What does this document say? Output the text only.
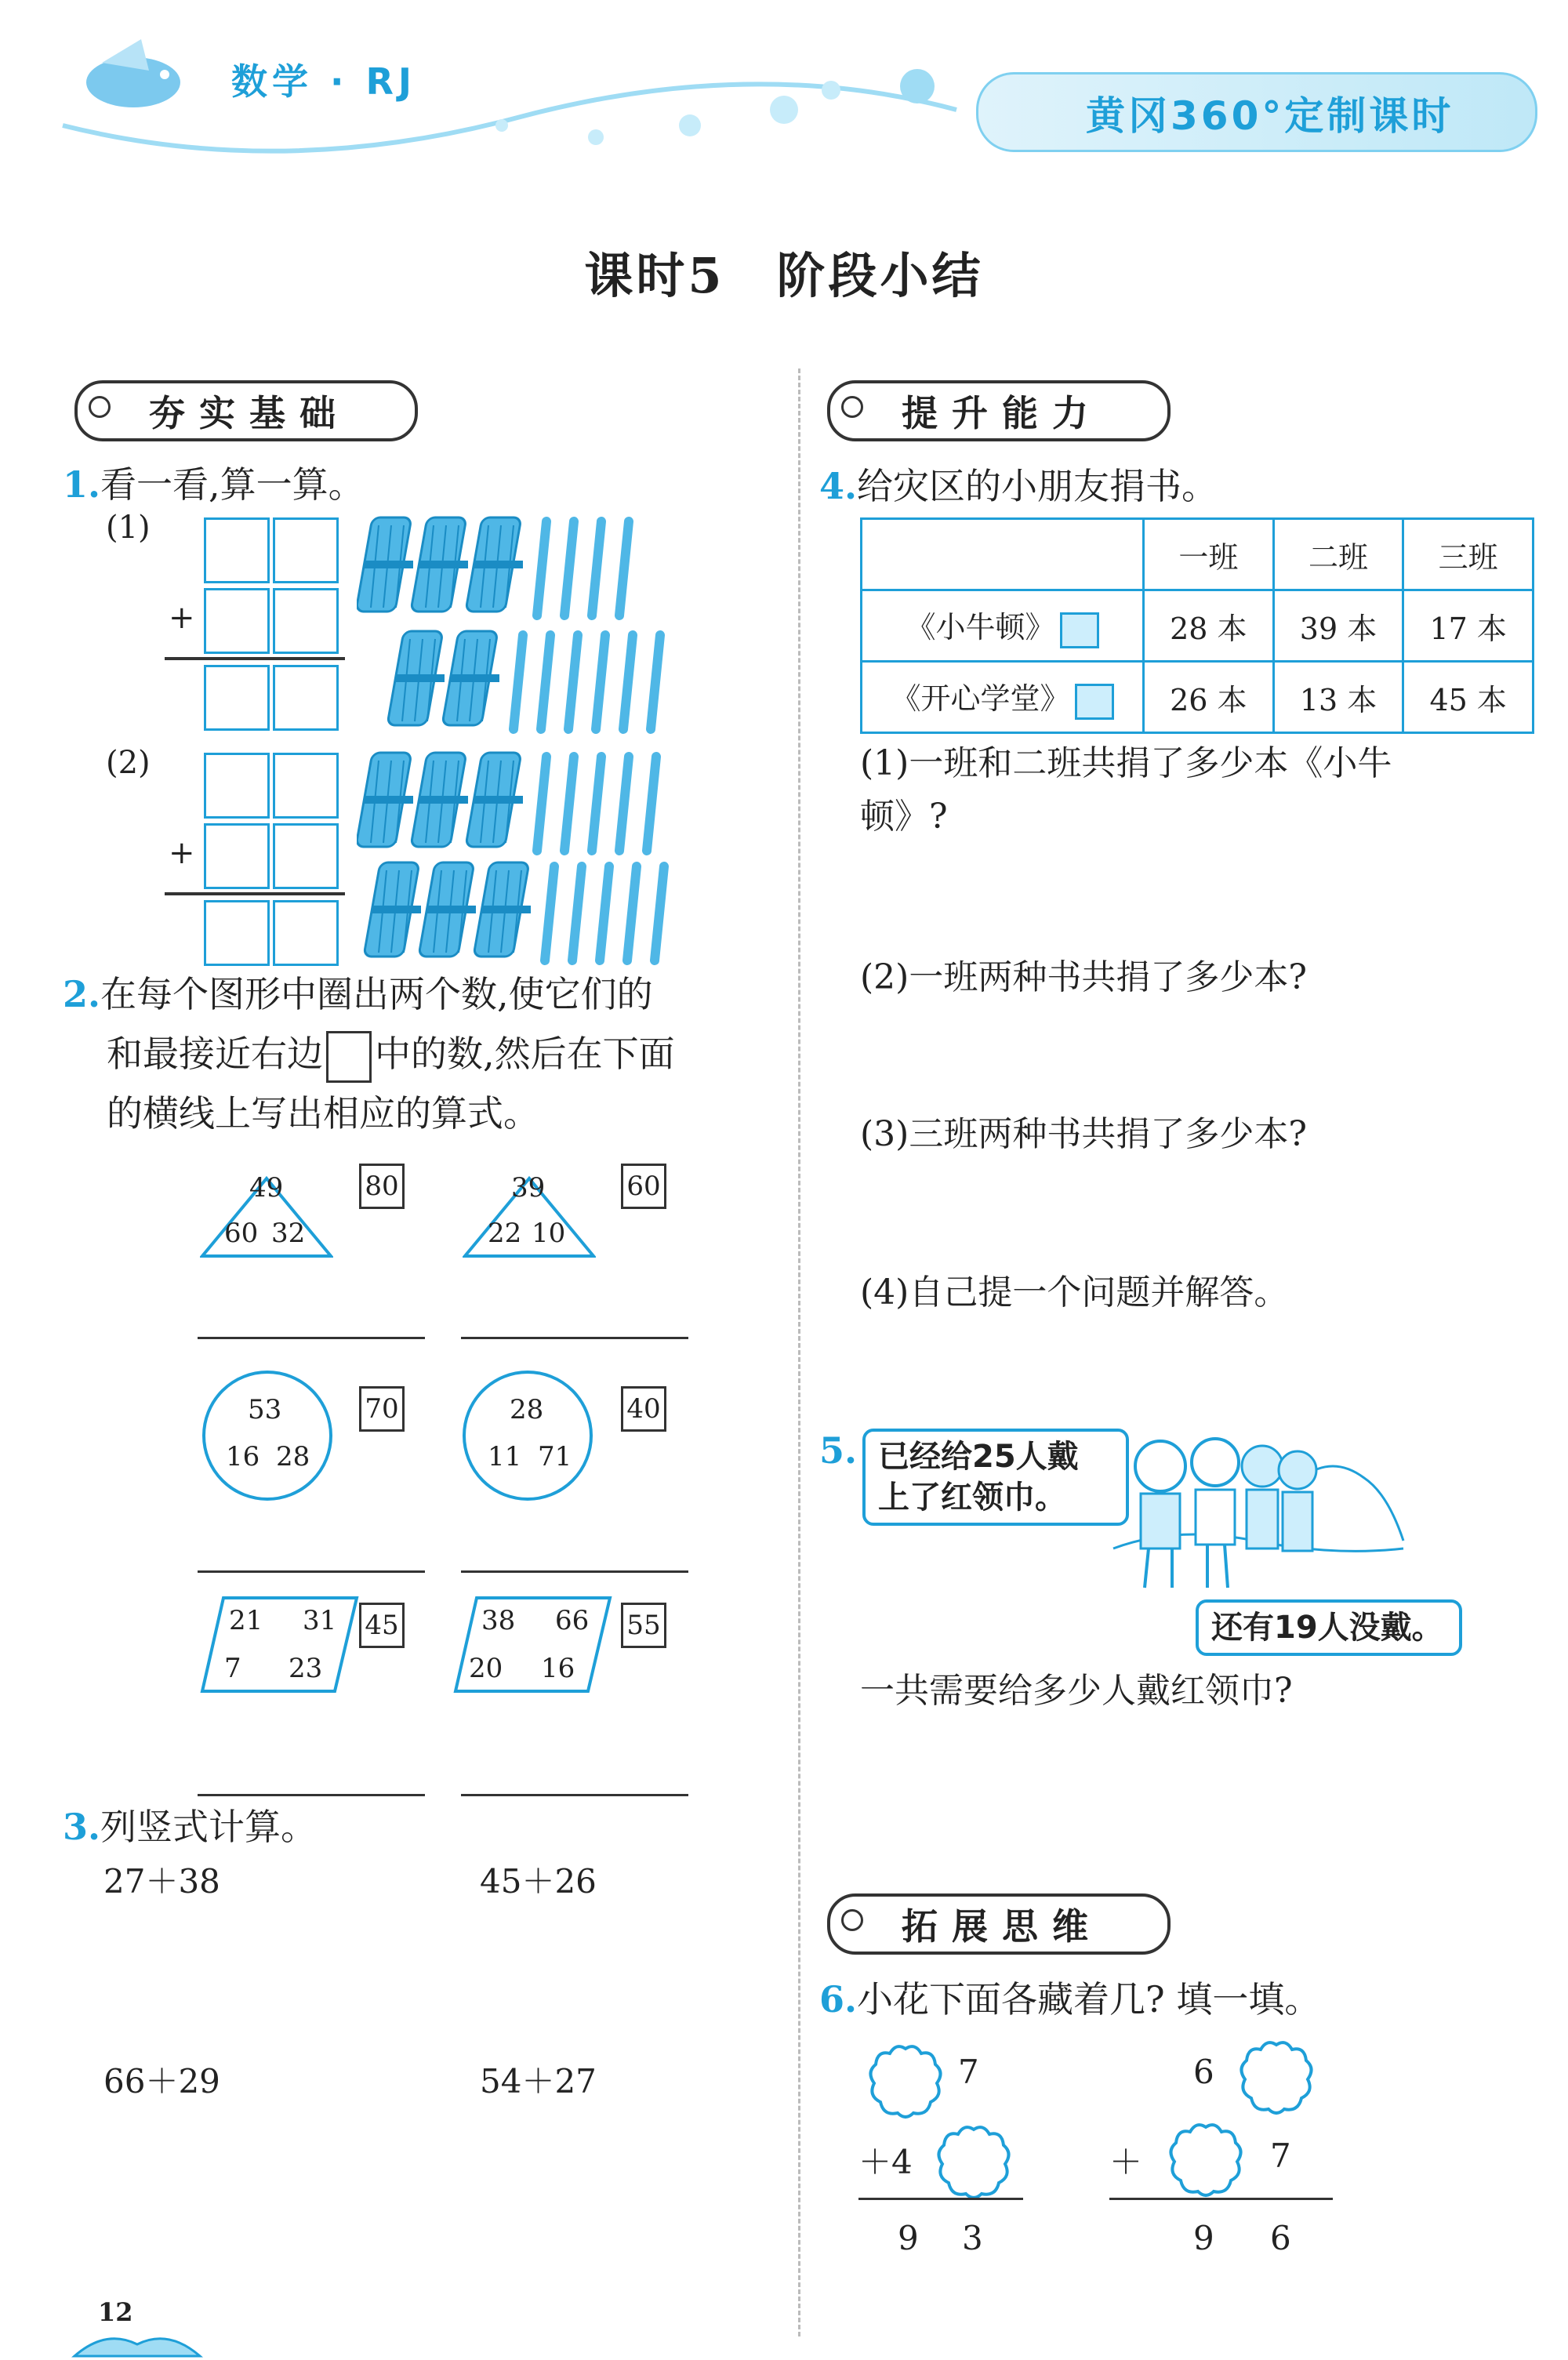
数学 · RJ
黄冈360°定制课时
课时5　阶段小结
夯实基础
1.看一看,算一算。
(1)
(2)
+
+
2.在每个图形中圈出两个数,使它们的
和最接近右边 中的数,然后在下面
的横线上写出相应的算式。
49
60 32
80	39
22 10
60
53
16 28
70	28
11 71
40
21 31
7 23
45	38 66
20 16
55
3.列竖式计算。
27＋38	45＋26
66＋29	54＋27
提升能力
4.给灾区的小朋友捐书。
	一班	二班	三班
《小牛顿》	28 本	39 本	17 本
《开心学堂》	26 本	13 本	45 本
(1)一班和二班共捐了多少本《小牛
顿》?
(2)一班两种书共捐了多少本?
(3)三班两种书共捐了多少本?
(4)自己提一个问题并解答。
5. 已经给25人戴
上了红领巾。
还有19人没戴。
一共需要给多少人戴红领巾?
拓展思维
6.小花下面各藏着几? 填一填。
7
＋4
9 3
6
＋	7
9 6
12
